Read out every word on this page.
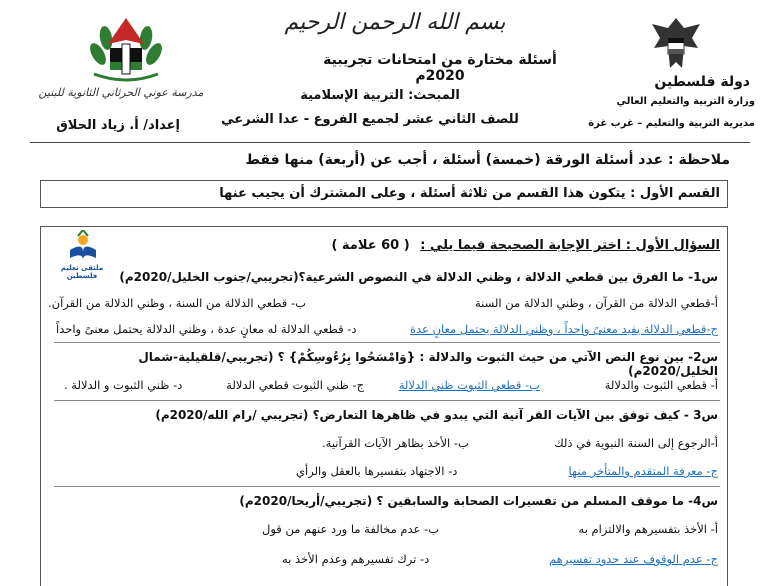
بسم الله الرحمن الرحيم
دولة فلسطين
وزارة التربية والتعليم العالي
مديرية التربية والتعليم – غرب غزة
مدرسة عوني الحرثاني الثانوية للبنين
أسئلة مختارة من امتحانات تجريبية 2020م
المبحث: التربية الإسلامية
للصف الثاني عشر لجميع الفروع - عدا الشرعي
إعداد/ أ. زياد الحلاق
ملاحظة : عدد أسئلة الورقة (خمسة) أسئلة ، أجب عن (أربعة) منها فقط
القسم الأول : يتكون هذا القسم من ثلاثة أسئلة ، وعلى المشترك أن يجيب عنها
ملتقى تعليم فلسطين
السؤال الأول : اختر الإجابة الصحيحة فيما يلي : ( 60 علامة )
س1- ما الفرق بين قطعي الدلالة ، وظني الدلالة في النصوص الشرعية؟(تجريبي/جنوب الخليل/2020م)
أ-قطعي الدلالة من القرآن ، وظني الدلالة من السنة
ب- قطعي الدلالة من السنة ، وظني الدلالة من القرآن.
ج-قطعي الدلالة يفيد معنىً واحداً ، وظني الدلالة يحتمل معانٍ عدة
د- قطعي الدلالة له معانٍ عدة ، وظني الدلالة يحتمل معنىً واحداً
س2- بين نوع النص الآتي من حيث الثبوت والدلالة : {وَامْسَحُوا بِرُءُوسِكُمْ} ؟ (تجريبي/قلقيلية-شمال الخليل/2020م)
أ- قطعي الثبوت والدلالة
ب- قطعي الثبوت ظني الدلالة
ج- ظني الثبوت قطعي الدلالة
د- ظني الثبوت و الدلالة .
س3 - كيف توفق بين الآيات القر آنية التي يبدو في ظاهرها التعارض؟ (تجريبي /رام الله/2020م)
أ-الرجوع إلى السنة النبوية في ذلك
ب- الأخذ بظاهر الآيات القرآنية.
ج- معرفة المتقدم والمتأخر منها
د- الاجتهاد بتفسيرها بالعقل والرأي
س4- ما موقف المسلم من تفسيرات الصحابة والسابقين ؟ (تجريبي/أريحا/2020م)
أ- الأخذ بتفسيرهم والالتزام به
ب- عدم مخالفة ما ورد عنهم من قول
ج- عدم الوقوف عند حدود تفسيرهم
د- ترك تفسيرهم وعدم الأخذ به
